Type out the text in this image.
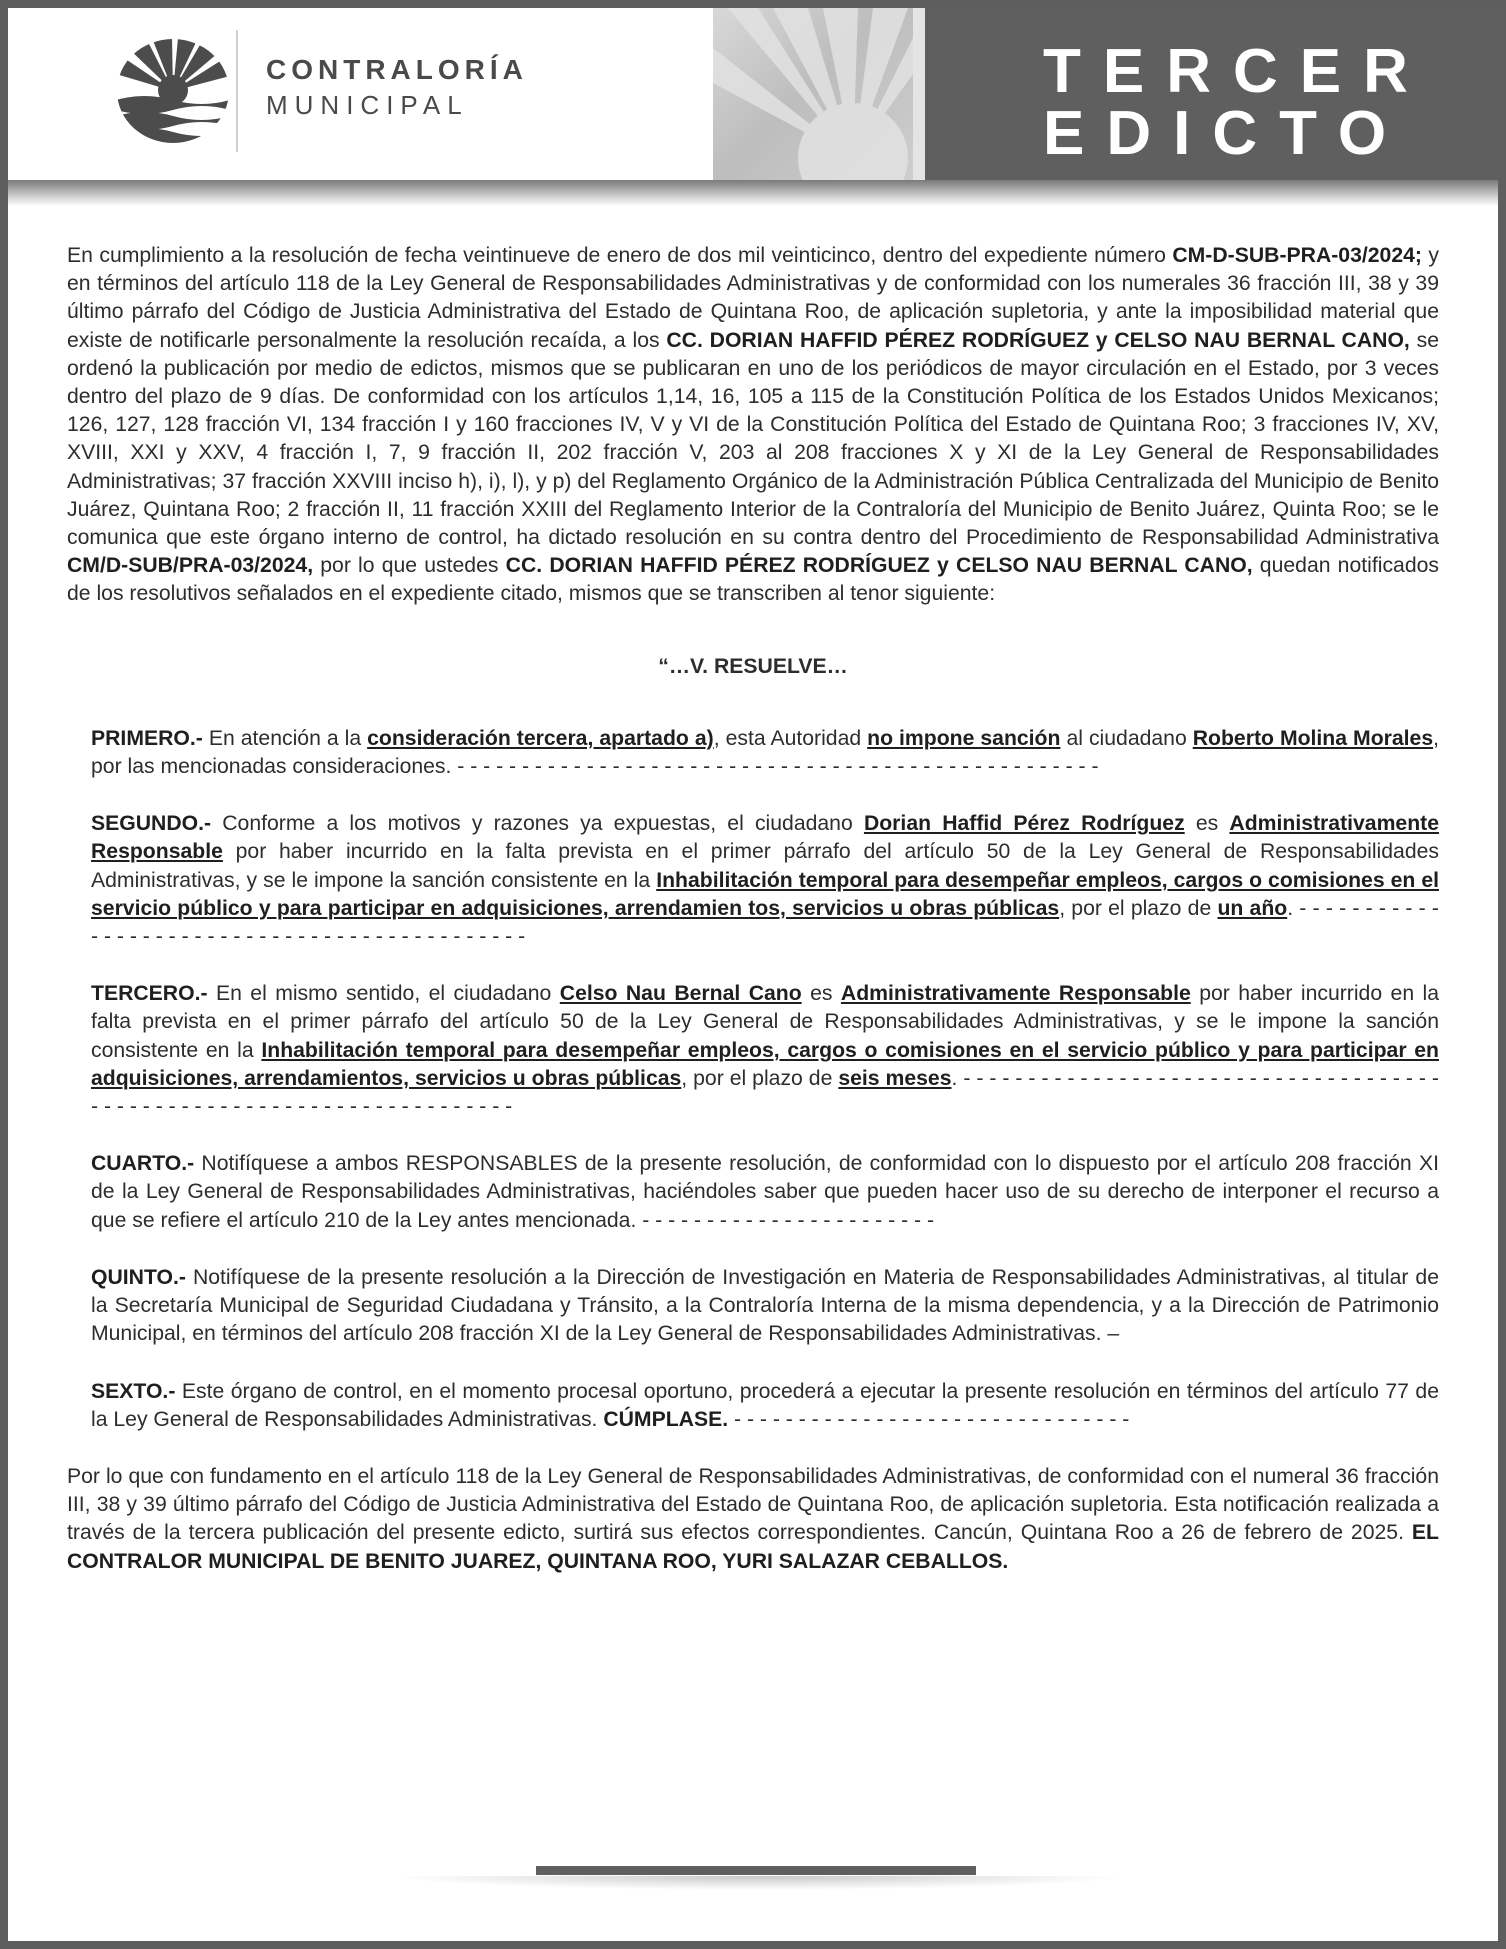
CONTRALORÍA
MUNICIPAL	TERCER
EDICTO

En cumplimiento a la resolución de fecha veintinueve de enero de dos mil veinticinco, dentro del expediente número CM-D-SUB-PRA-03/2024; y en términos del artículo 118 de la Ley General de Responsabilidades Administrativas y de conformidad con los numerales 36 fracción III, 38 y 39 último párrafo del Código de Justicia Administrativa del Estado de Quintana Roo, de aplicación supletoria, y ante la imposibilidad material que existe de notificarle personalmente la resolución recaída, a los CC. DORIAN HAFFID PÉREZ RODRÍGUEZ y CELSO NAU BERNAL CANO, se ordenó la publicación por medio de edictos, mismos que se publicaran en uno de los periódicos de mayor circulación en el Estado, por 3 veces dentro del plazo de 9 días. De conformidad con los artículos 1,14, 16, 105 a 115 de la Constitución Política de los Estados Unidos Mexicanos; 126, 127, 128 fracción VI, 134 fracción I y 160 fracciones IV, V y VI de la Constitución Política del Estado de Quintana Roo; 3 fracciones IV, XV, XVIII, XXI y XXV, 4 fracción I, 7, 9 fracción II, 202 fracción V, 203 al 208 fracciones X y XI de la Ley General de Responsabilidades Administrativas; 37 fracción XXVIII inciso h), i), l), y p) del Reglamento Orgánico de la Administración Pública Centralizada del Municipio de Benito Juárez, Quintana Roo; 2 fracción II, 11 fracción XXIII del Reglamento Interior de la Contraloría del Municipio de Benito Juárez, Quinta Roo; se le comunica que este órgano interno de control, ha dictado resolución en su contra dentro del Procedimiento de Responsabilidad Administrativa CM/D-SUB/PRA-03/2024, por lo que ustedes CC. DORIAN HAFFID PÉREZ RODRÍGUEZ y CELSO NAU BERNAL CANO, quedan notificados de los resolutivos señalados en el expediente citado, mismos que se transcriben al tenor siguiente:

“…V. RESUELVE…

PRIMERO.- En atención a la consideración tercera, apartado a), esta Autoridad no impone sanción al ciudadano Roberto Molina Morales, por las mencionadas consideraciones. - - - - - - - - - - - - - - - - - - - - - - - - - - - - - - - - - - - - - - - - - - - - - - - - - -

SEGUNDO.- Conforme a los motivos y razones ya expuestas, el ciudadano Dorian Haffid Pérez Rodríguez es Administrativamente Responsable por haber incurrido en la falta prevista en el primer párrafo del artículo 50 de la Ley General de Responsabilidades Administrativas, y se le impone la sanción consistente en la Inhabilitación temporal para desempeñar empleos, cargos o comisiones en el servicio público y para participar en adquisiciones, arrendamien tos, servicios u obras públicas, por el plazo de un año. - - - - - - - - - - - - - - - - - - - - - - - - - - - - - - - - - - - - - - - - - - - - -

TERCERO.- En el mismo sentido, el ciudadano Celso Nau Bernal Cano es Administrativamente Responsable por haber incurrido en la falta prevista en el primer párrafo del artículo 50 de la Ley General de Responsabilidades Administrativas, y se le impone la sanción consistente en la Inhabilitación temporal para desempeñar empleos, cargos o comisiones en el servicio público y para participar en adquisiciones, arrendamientos, servicios u obras públicas, por el plazo de seis meses. - - - - - - - - - - - - - - - - - - - - - - - - - - - - - - - - - - - - - - - - - - - - - - - - - - - - - - - - - - - - - - - - - - - - - -

CUARTO.- Notifíquese a ambos RESPONSABLES de la presente resolución, de conformidad con lo dispuesto por el artículo 208 fracción XI de la Ley General de Responsabilidades Administrativas, haciéndoles saber que pueden hacer uso de su derecho de interponer el recurso a que se refiere el artículo 210 de la Ley antes mencionada. - - - - - - - - - - - - - - - - - - - - - - -

QUINTO.- Notifíquese de la presente resolución a la Dirección de Investigación en Materia de Responsabilidades Administrativas, al titular de la Secretaría Municipal de Seguridad Ciudadana y Tránsito, a la Contraloría Interna de la misma dependencia, y a la Dirección de Patrimonio Municipal, en términos del artículo 208 fracción XI de la Ley General de Responsabilidades Administrativas. –

SEXTO.- Este órgano de control, en el momento procesal oportuno, procederá a ejecutar la presente resolución en términos del artículo 77 de la Ley General de Responsabilidades Administrativas. CÚMPLASE. - - - - - - - - - - - - - - - - - - - - - - - - - - - - - - -

Por lo que con fundamento en el artículo 118 de la Ley General de Responsabilidades Administrativas, de conformidad con el numeral 36 fracción III, 38 y 39 último párrafo del Código de Justicia Administrativa del Estado de Quintana Roo, de aplicación supletoria. Esta notificación realizada a través de la tercera publicación del presente edicto, surtirá sus efectos correspondientes. Cancún, Quintana Roo a 26 de febrero de 2025. EL CONTRALOR MUNICIPAL DE BENITO JUAREZ, QUINTANA ROO, YURI SALAZAR CEBALLOS.
